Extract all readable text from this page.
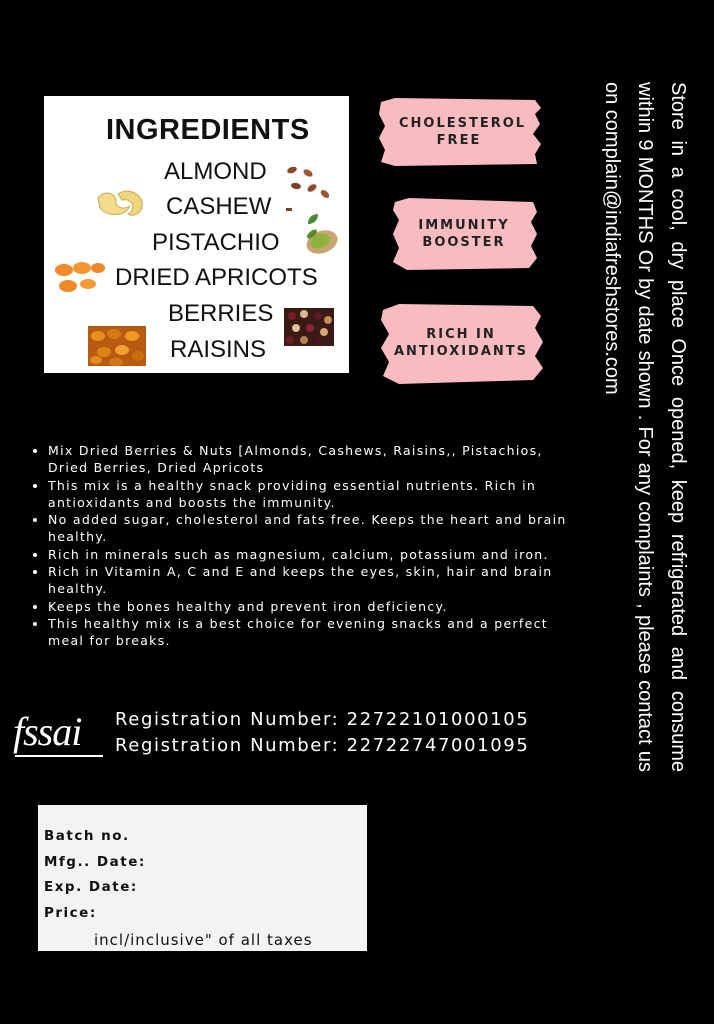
INGREDIENTS
ALMOND
CASHEW
PISTACHIO
DRIED APRICOTS
BERRIES
RAISINS
CHOLESTEROL FREE
IMMUNITY BOOSTER
RICH IN ANTIOXIDANTS
• Mix Dried Berries & Nuts [Almonds, Cashews, Raisins,, Pistachios, Dried Berries, Dried Apricots
• This mix is a healthy snack providing essential nutrients. Rich in antioxidants and boosts the immunity.
• No added sugar, cholesterol and fats free. Keeps the heart and brain healthy.
• Rich in minerals such as magnesium, calcium, potassium and iron.
• Rich in Vitamin A, C and E and keeps the eyes, skin, hair and brain healthy.
• Keeps the bones healthy and prevent iron deficiency.
• This healthy mix is a best choice for evening snacks and a perfect meal for breaks.
fssai Registration Number: 22722101000105
Registration Number: 22722747001095
Batch no.
Mfg.. Date:
Exp. Date:
Price:
incl/inclusive" of all taxes
Store in a cool, dry place Once opened, keep refrigerated and consume within 9 MONTHS Or by date shown . For any complaints , please contact us on complain@indiafreshstores.com
